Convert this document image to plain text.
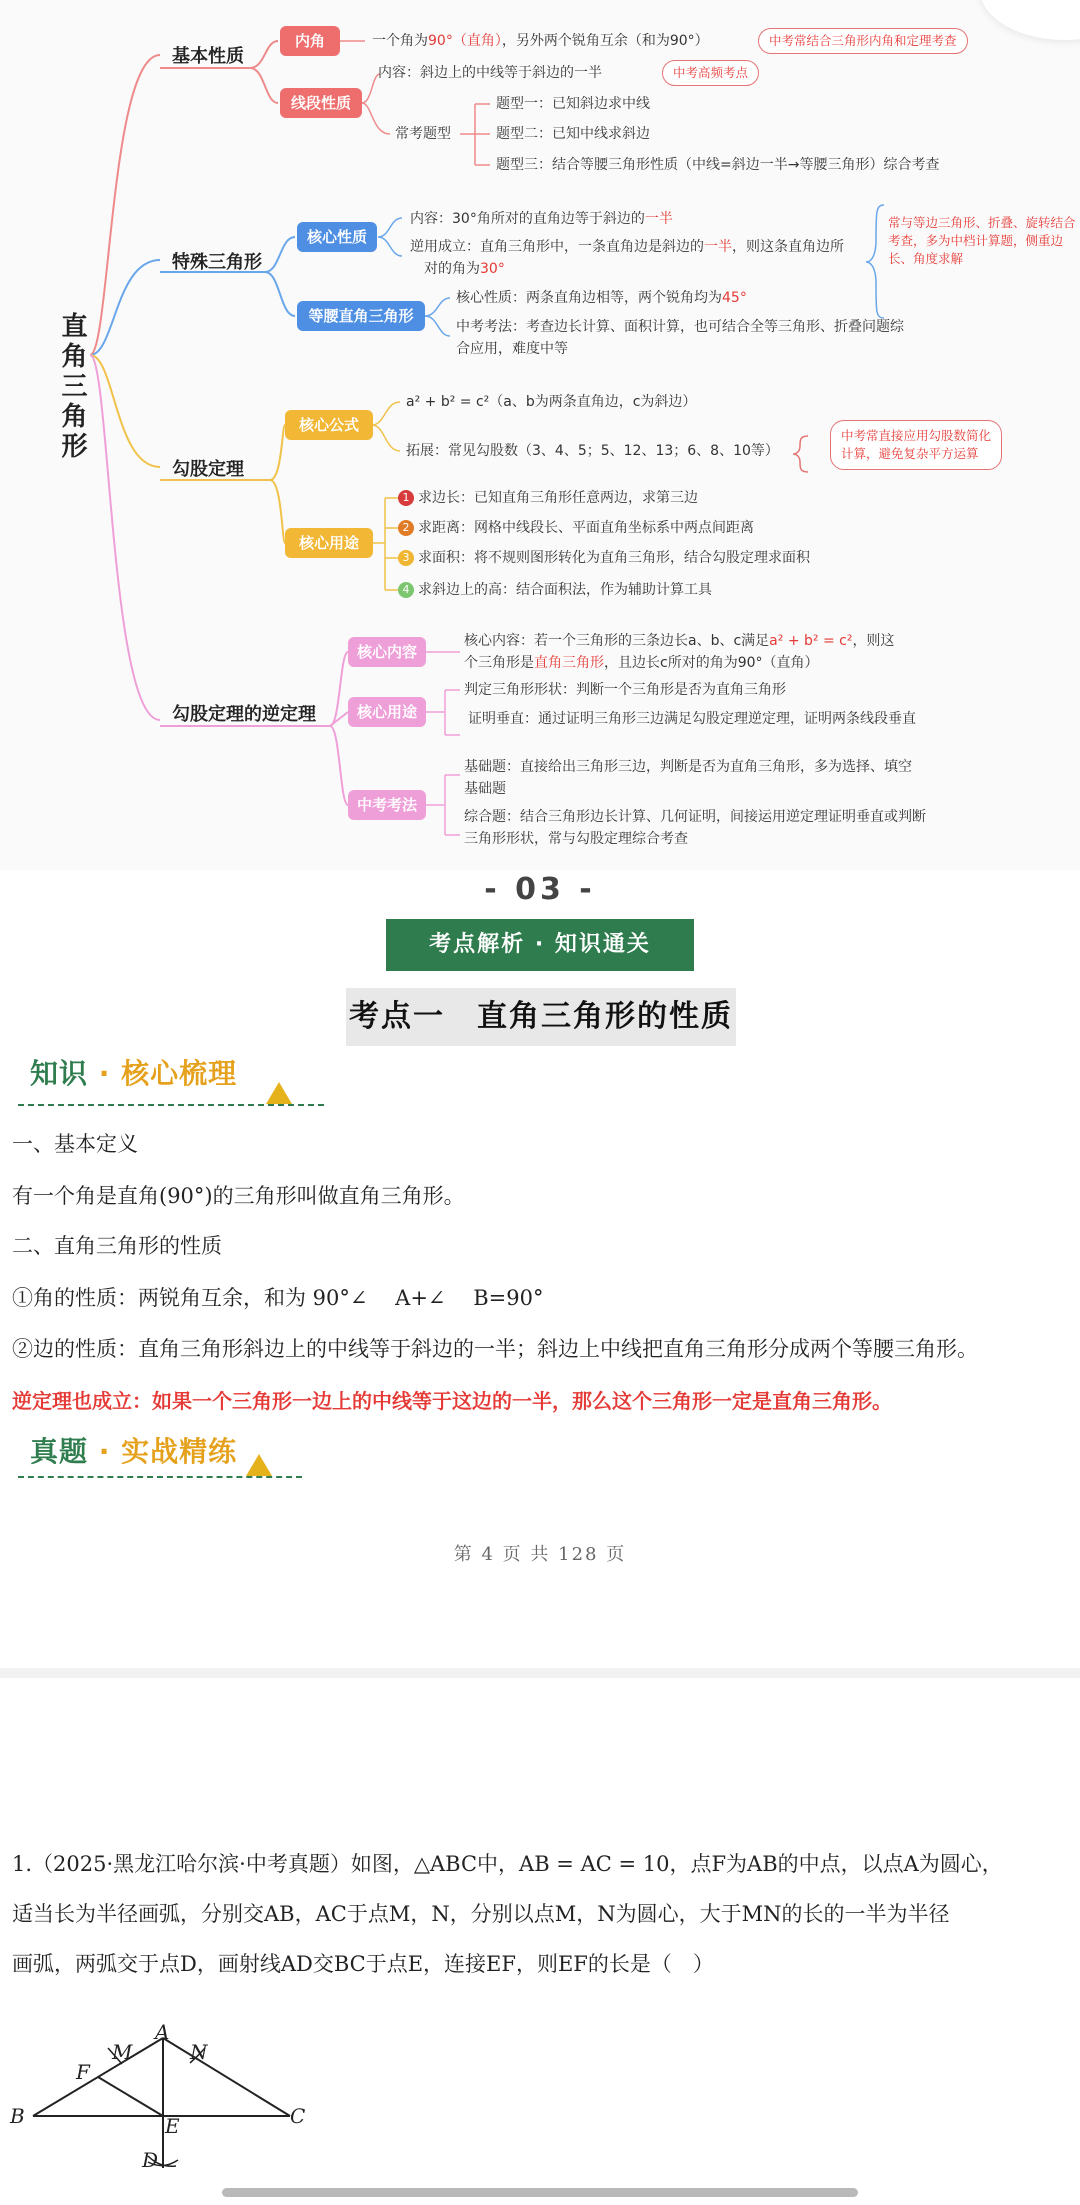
直角三角形
基本性质
内角	一个角为90°（直角），另外两个锐角互余（和为90°）	中考常结合三角形内角和定理考查
线段性质
内容：斜边上的中线等于斜边的一半	中考高频考点
常考题型
题型一：已知斜边求中线
题型二：已知中线求斜边
题型三：结合等腰三角形性质（中线=斜边一半→等腰三角形）综合考查
特殊三角形
核心性质
内容：30°角所对的直角边等于斜边的一半
逆用成立：直角三角形中，一条直角边是斜边的一半，则这条直角边所
对的角为30°
常与等边三角形、折叠、旋转结合考查，多为中档计算题，侧重边长、角度求解
等腰直角三角形
核心性质：两条直角边相等，两个锐角均为45°
中考考法：考查边长计算、面积计算，也可结合全等三角形、折叠问题综合应用，难度中等
勾股定理
核心公式
a² + b² = c²（a、b为两条直角边，c为斜边）
拓展：常见勾股数（3、4、5；5、12、13；6、8、10等）
中考常直接应用勾股数简化计算，避免复杂平方运算
核心用途
1 求边长：已知直角三角形任意两边，求第三边
2 求距离：网格中线段长、平面直角坐标系中两点间距离
3 求面积：将不规则图形转化为直角三角形，结合勾股定理求面积
4 求斜边上的高：结合面积法，作为辅助计算工具
勾股定理的逆定理
核心内容
核心内容：若一个三角形的三条边长a、b、c满足a² + b² = c²，则这
个三角形是直角三角形，且边长c所对的角为90°（直角）
核心用途
判定三角形形状：判断一个三角形是否为直角三角形
证明垂直：通过证明三角形三边满足勾股定理逆定理，证明两条线段垂直
中考考法
基础题：直接给出三角形三边，判断是否为直角三角形，多为选择、填空基础题
综合题：结合三角形边长计算、几何证明，间接运用逆定理证明垂直或判断三角形形状，常与勾股定理综合考查
- 03 -
考点解析 · 知识通关
考点一　直角三角形的性质
知识 · 核心梳理
一、基本定义
有一个角是直角(90°)的三角形叫做直角三角形。
二、直角三角形的性质
①角的性质：两锐角互余，和为 90°∠　 A+∠　 B=90°
②边的性质：直角三角形斜边上的中线等于斜边的一半；斜边上中线把直角三角形分成两个等腰三角形。
逆定理也成立：如果一个三角形一边上的中线等于这边的一半，那么这个三角形一定是直角三角形。
真题 · 实战精练
第 4 页 共 128 页
1.（2025·黑龙江哈尔滨·中考真题）如图，△ABC中，AB = AC = 10，点F为AB的中点，以点A为圆心，
适当长为半径画弧，分别交AB，AC于点M，N，分别以点M，N为圆心，大于MN的长的一半为半径
画弧，两弧交于点D，画射线AD交BC于点E，连接EF，则EF的长是（　）
A
M	N
F
B	C
E
D
